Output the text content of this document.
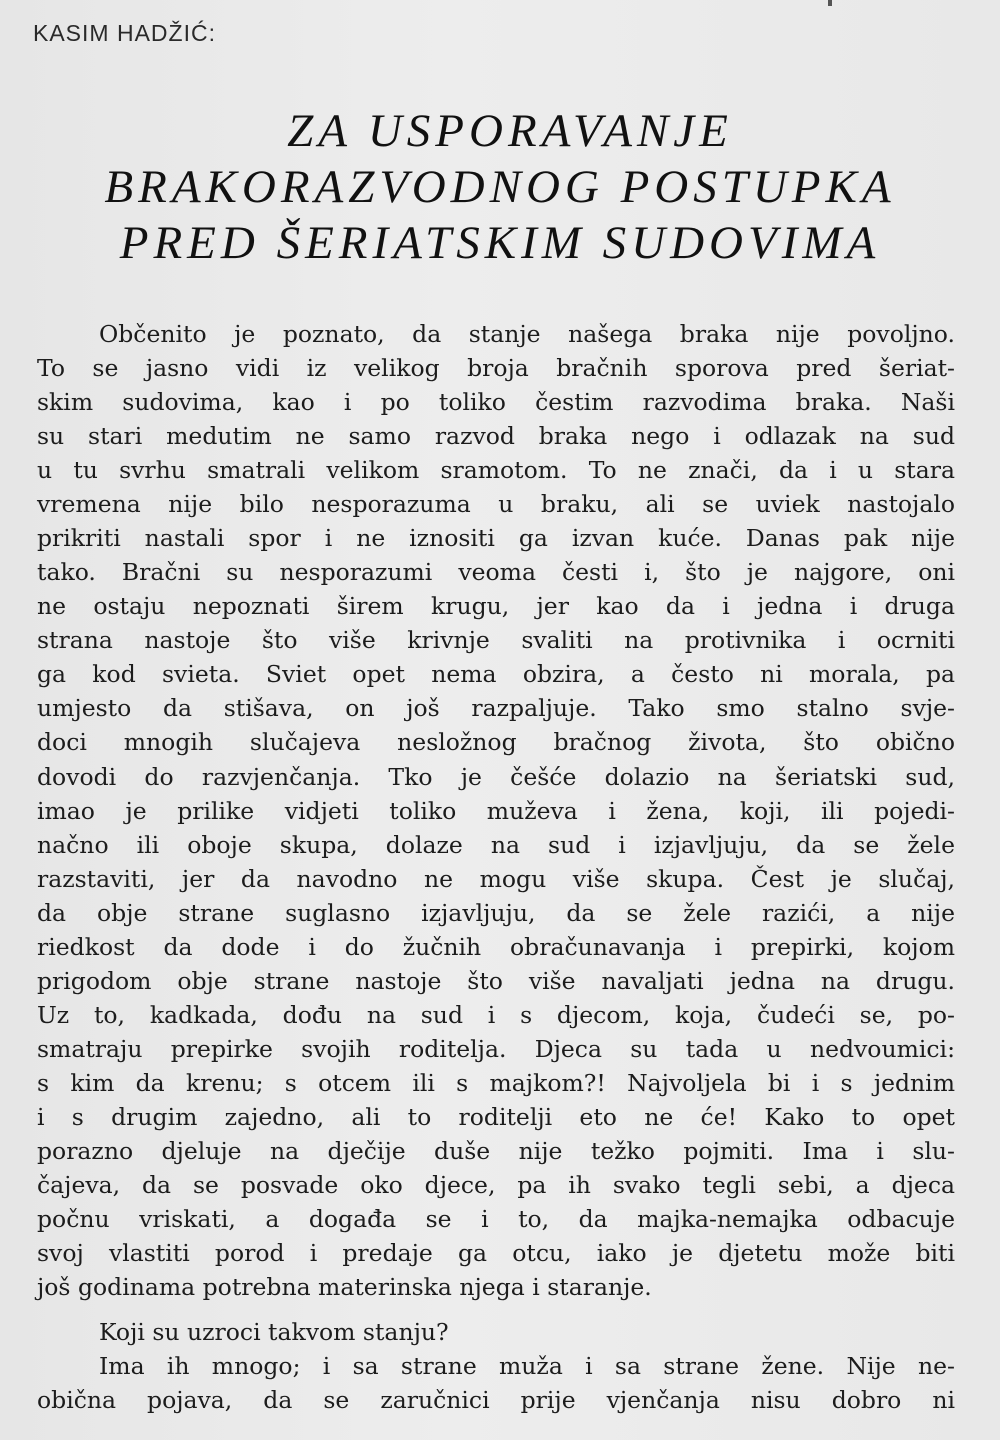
KASIM HADŽIĆ:
ZA USPORAVANJE
BRAKORAZVODNOG POSTUPKA
PRED ŠERIATSKIM SUDOVIMA
Občenito je poznato, da stanje našega braka nije povoljno.
To se jasno vidi iz velikog broja bračnih sporova pred šeriat-
skim sudovima, kao i po toliko čestim razvodima braka. Naši
su stari medutim ne samo razvod braka nego i odlazak na sud
u tu svrhu smatrali velikom sramotom. To ne znači, da i u stara
vremena nije bilo nesporazuma u braku, ali se uviek nastojalo
prikriti nastali spor i ne iznositi ga izvan kuće. Danas pak nije
tako. Bračni su nesporazumi veoma česti i, što je najgore, oni
ne ostaju nepoznati širem krugu, jer kao da i jedna i druga
strana nastoje što više krivnje svaliti na protivnika i ocrniti
ga kod svieta. Sviet opet nema obzira, a često ni morala, pa
umjesto da stišava, on još razpaljuje. Tako smo stalno svje-
doci mnogih slučajeva nesložnog bračnog života, što obično
dovodi do razvjenčanja. Tko je češće dolazio na šeriatski sud,
imao je prilike vidjeti toliko muževa i žena, koji, ili pojedi-
načno ili oboje skupa, dolaze na sud i izjavljuju, da se žele
razstaviti, jer da navodno ne mogu više skupa. Čest je slučaj,
da obje strane suglasno izjavljuju, da se žele razići, a nije
riedkost da dode i do žučnih obračunavanja i prepirki, kojom
prigodom obje strane nastoje što više navaljati jedna na drugu.
Uz to, kadkada, dođu na sud i s djecom, koja, čudeći se, po-
smatraju prepirke svojih roditelja. Djeca su tada u nedvoumici:
s kim da krenu; s otcem ili s majkom?! Najvoljela bi i s jednim
i s drugim zajedno, ali to roditelji eto ne će! Kako to opet
porazno djeluje na dječije duše nije težko pojmiti. Ima i slu-
čajeva, da se posvade oko djece, pa ih svako tegli sebi, a djeca
počnu vriskati, a događa se i to, da majka-nemajka odbacuje
svoj vlastiti porod i predaje ga otcu, iako je djetetu može biti
još godinama potrebna materinska njega i staranje.
Koji su uzroci takvom stanju?
Ima ih mnogo; i sa strane muža i sa strane žene. Nije ne-
obična pojava, da se zaručnici prije vjenčanja nisu dobro ni
